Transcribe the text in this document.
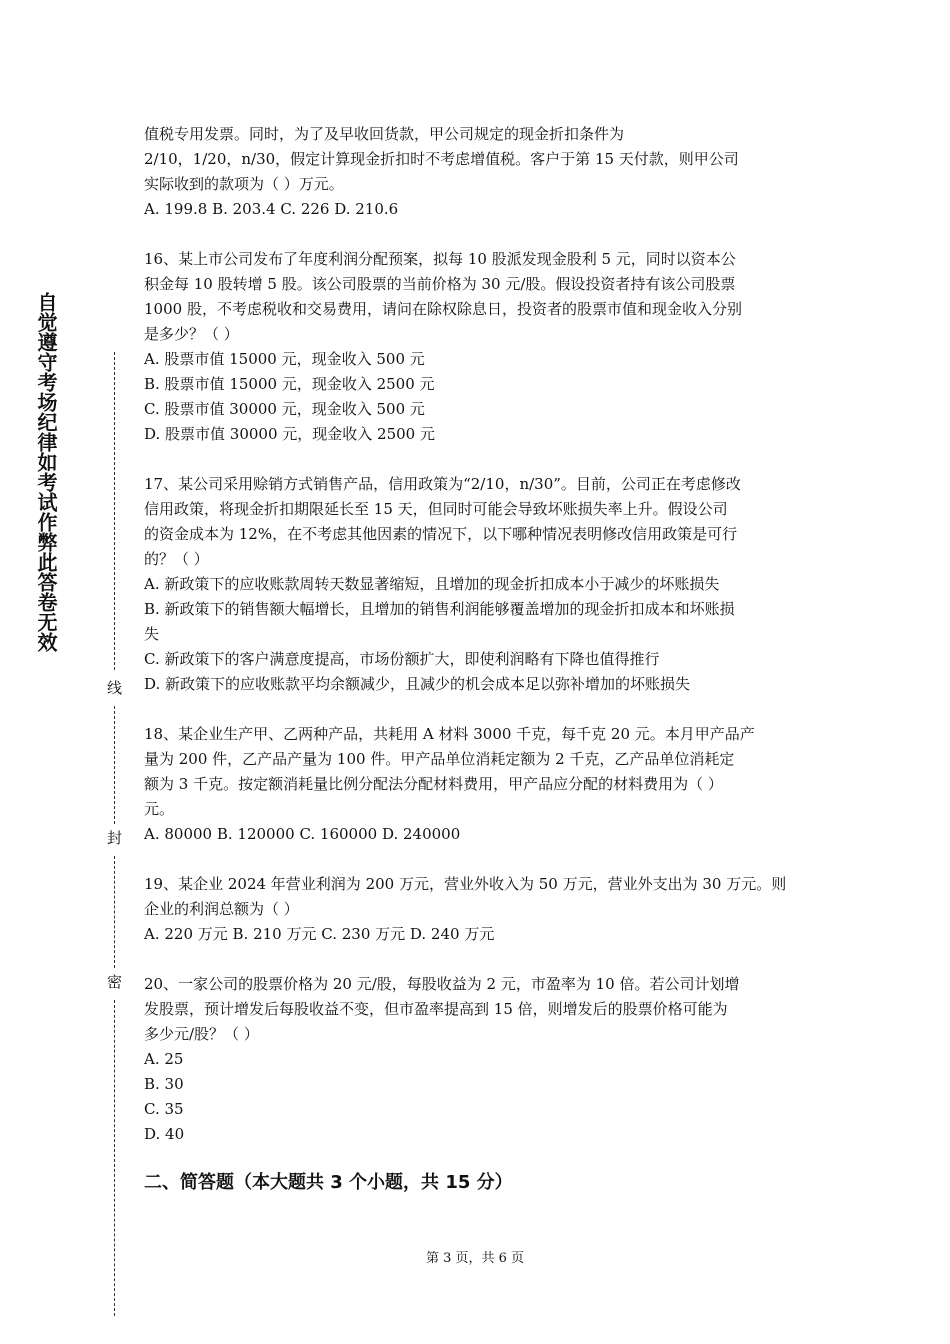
自觉遵守考场纪律如考试作弊此答卷无效
线
封
密

值税专用发票。同时，为了及早收回货款，甲公司规定的现金折扣条件为

2/10，1/20，n/30，假定计算现金折扣时不考虑增值税。客户于第 15 天付款，则甲公司

实际收到的款项为（ ）万元。

A. 199.8 B. 203.4 C. 226 D. 210.6

16、某上市公司发布了年度利润分配预案，拟每 10 股派发现金股利 5 元，同时以资本公

积金每 10 股转增 5 股。该公司股票的当前价格为 30 元/股。假设投资者持有该公司股票

1000 股，不考虑税收和交易费用，请问在除权除息日，投资者的股票市值和现金收入分别

是多少？（ ）

A. 股票市值 15000 元，现金收入 500 元

B. 股票市值 15000 元，现金收入 2500 元

C. 股票市值 30000 元，现金收入 500 元

D. 股票市值 30000 元，现金收入 2500 元

17、某公司采用赊销方式销售产品，信用政策为“2/10，n/30”。目前，公司正在考虑修改

信用政策，将现金折扣期限延长至 15 天，但同时可能会导致坏账损失率上升。假设公司

的资金成本为 12%，在不考虑其他因素的情况下，以下哪种情况表明修改信用政策是可行

的？（ ）

A. 新政策下的应收账款周转天数显著缩短，且增加的现金折扣成本小于减少的坏账损失

B. 新政策下的销售额大幅增长，且增加的销售利润能够覆盖增加的现金折扣成本和坏账损

失

C. 新政策下的客户满意度提高，市场份额扩大，即使利润略有下降也值得推行

D. 新政策下的应收账款平均余额减少，且减少的机会成本足以弥补增加的坏账损失

18、某企业生产甲、乙两种产品，共耗用 A 材料 3000 千克，每千克 20 元。本月甲产品产

量为 200 件，乙产品产量为 100 件。甲产品单位消耗定额为 2 千克，乙产品单位消耗定

额为 3 千克。按定额消耗量比例分配法分配材料费用，甲产品应分配的材料费用为（ ）

元。

A. 80000 B. 120000 C. 160000 D. 240000

19、某企业 2024 年营业利润为 200 万元，营业外收入为 50 万元，营业外支出为 30 万元。则

企业的利润总额为（ ）

A. 220 万元 B. 210 万元 C. 230 万元 D. 240 万元

20、一家公司的股票价格为 20 元/股，每股收益为 2 元，市盈率为 10 倍。若公司计划增

发股票，预计增发后每股收益不变，但市盈率提高到 15 倍，则增发后的股票价格可能为

多少元/股？（ ）

A. 25

B. 30

C. 35

D. 40

二、简答题（本大题共 3 个小题，共 15 分）
第 3 页，共 6 页
